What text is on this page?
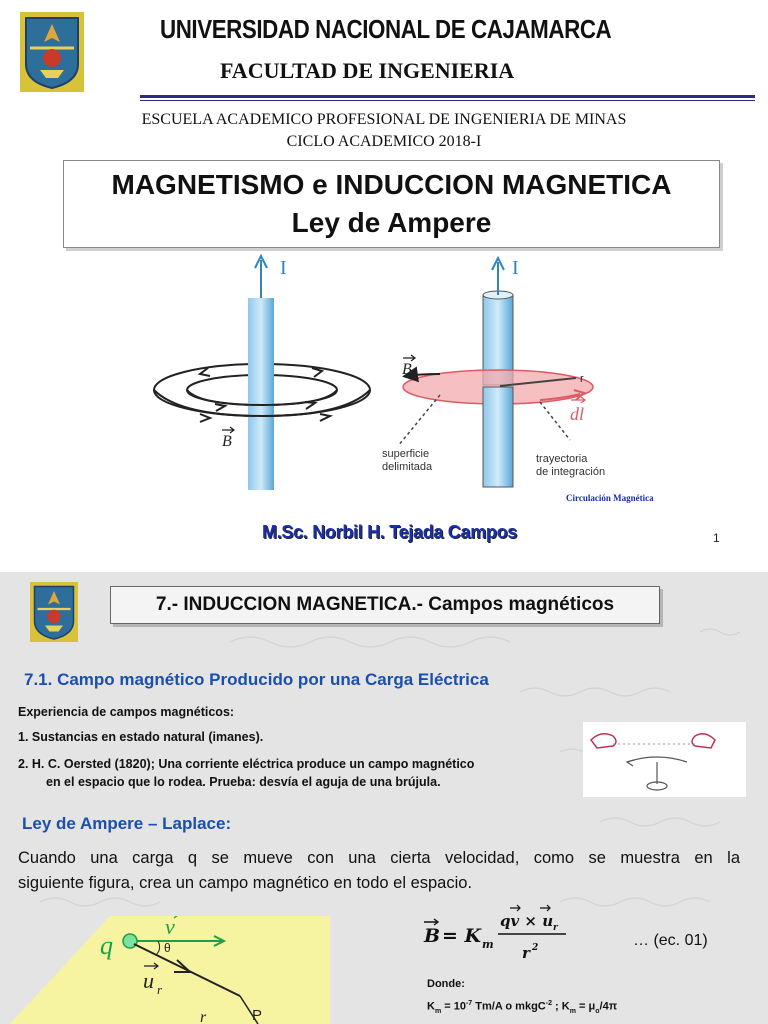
UNIVERSIDAD NACIONAL DE CAJAMARCA
FACULTAD DE INGENIERIA
ESCUELA ACADEMICO PROFESIONAL DE INGENIERIA DE MINAS
CICLO ACADEMICO 2018-I
MAGNETISMO e INDUCCION MAGNETICA
Ley de Ampere
I
B
I
r
B
dl
superficie
delimitada
trayectoria
de integración
Circulación Magnética
M.Sc. Norbil H. Tejada Campos	1
7.- INDUCCION MAGNETICA.- Campos magnéticos
7.1. Campo magnético Producido por una Carga Eléctrica
Experiencia de campos magnéticos:
1. Sustancias en estado natural (imanes).
2. H. C. Oersted (1820); Una corriente eléctrica produce un campo magnético
en el espacio que lo rodea. Prueba: desvía el aguja de una brújula.
Ley de Ampere – Laplace:
Cuando una carga q se mueve con una cierta velocidad, como se muestra en la
siguiente figura, crea un campo magnético en todo el espacio.
v
q	θ
u r
r	P
B = K m
qv × u r
r 2	… (ec. 01)
Donde:
$K_m = 10^{-7}$ Tm/A o mkgC$^{-2}$ ; $K_m = \mu_o/4\pi$
